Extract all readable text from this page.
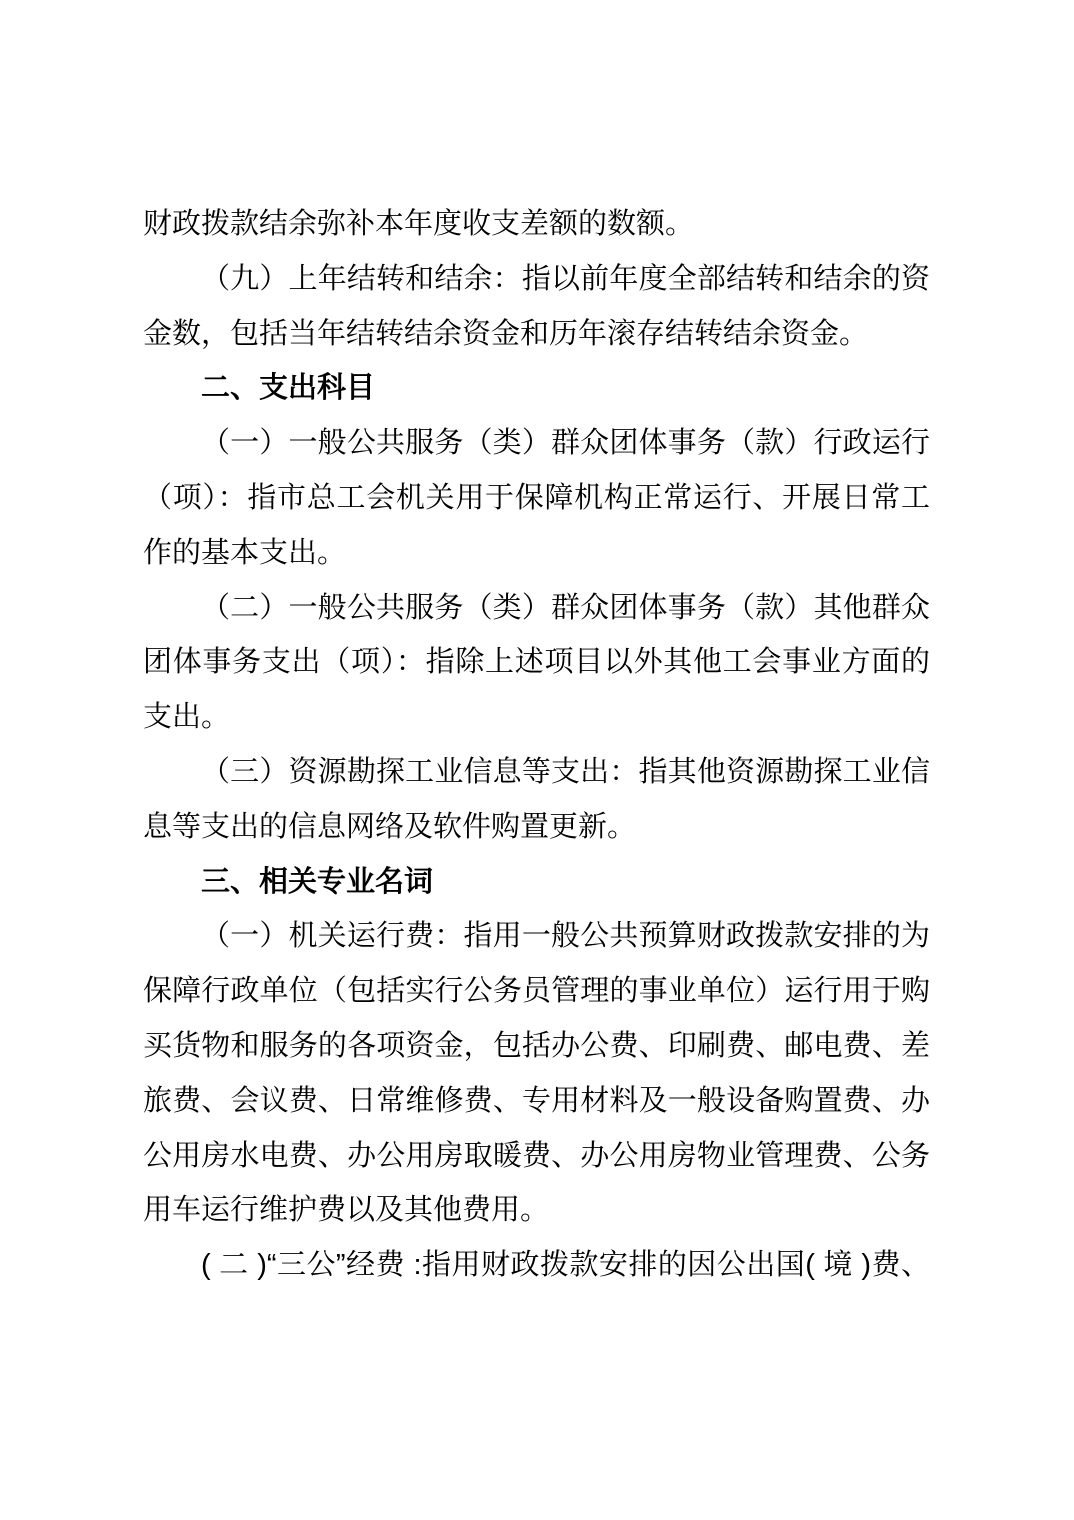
财政拨款结余弥补本年度收支差额的数额。
（九）上年结转和结余：指以前年度全部结转和结余的资
金数，包括当年结转结余资金和历年滚存结转结余资金。
二、支出科目
（一）一般公共服务（类）群众团体事务（款）行政运行
（项）：指市总工会机关用于保障机构正常运行、开展日常工
作的基本支出。
（二）一般公共服务（类）群众团体事务（款）其他群众
团体事务支出（项）：指除上述项目以外其他工会事业方面的
支出。
（三）资源勘探工业信息等支出：指其他资源勘探工业信
息等支出的信息网络及软件购置更新。
三、相关专业名词
（一）机关运行费：指用一般公共预算财政拨款安排的为
保障行政单位（包括实行公务员管理的事业单位）运行用于购
买货物和服务的各项资金，包括办公费、印刷费、邮电费、差
旅费、会议费、日常维修费、专用材料及一般设备购置费、办
公用房水电费、办公用房取暖费、办公用房物业管理费、公务
用车运行维护费以及其他费用。
( 二 )“三公”经费 :指用财政拨款安排的因公出国( 境 )费、
